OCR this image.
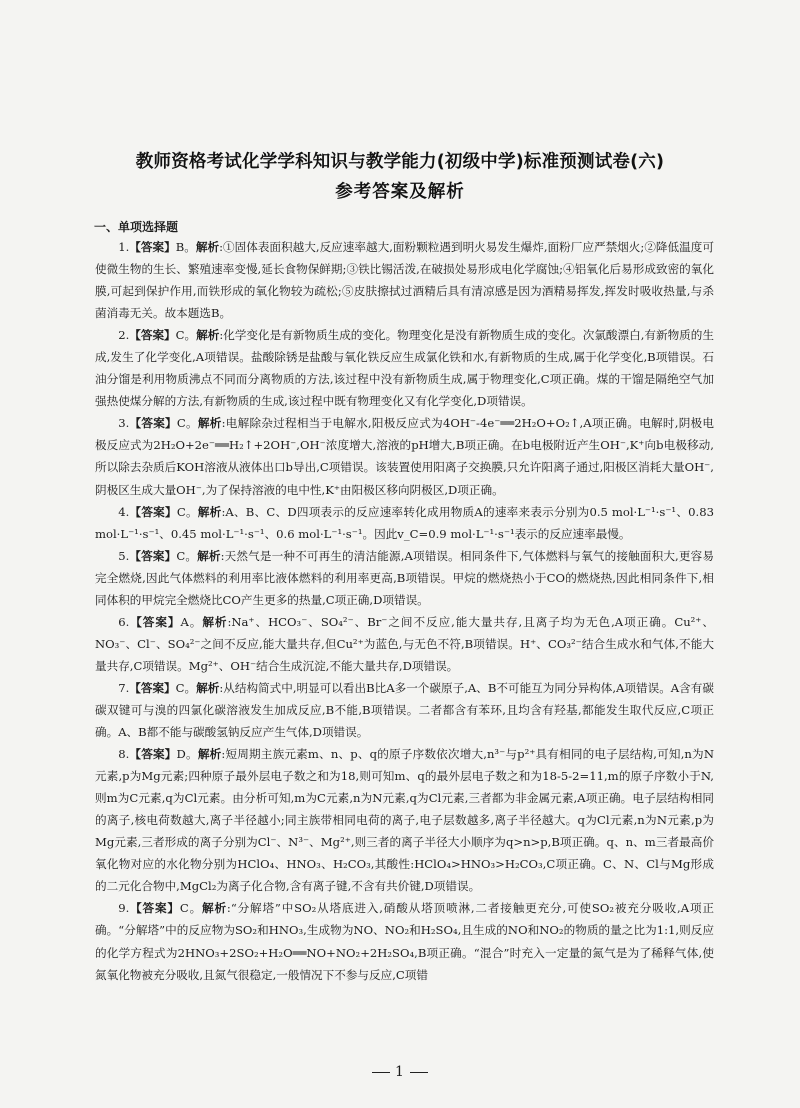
教师资格考试化学学科知识与教学能力(初级中学)标准预测试卷(六)
参考答案及解析
一、单项选择题

1.【答案】B。解析:①固体表面积越大,反应速率越大,面粉颗粒遇到明火易发生爆炸,面粉厂应严禁烟火;②降低温度可使微生物的生长、繁殖速率变慢,延长食物保鲜期;③铁比锡活泼,在破损处易形成电化学腐蚀;④铝氧化后易形成致密的氧化膜,可起到保护作用,而铁形成的氧化物较为疏松;⑤皮肤擦拭过酒精后具有清凉感是因为酒精易挥发,挥发时吸收热量,与杀菌消毒无关。故本题选B。

2.【答案】C。解析:化学变化是有新物质生成的变化。物理变化是没有新物质生成的变化。次氯酸漂白,有新物质的生成,发生了化学变化,A项错误。盐酸除锈是盐酸与氧化铁反应生成氯化铁和水,有新物质的生成,属于化学变化,B项错误。石油分馏是利用物质沸点不同而分离物质的方法,该过程中没有新物质生成,属于物理变化,C项正确。煤的干馏是隔绝空气加强热使煤分解的方法,有新物质的生成,该过程中既有物理变化又有化学变化,D项错误。

3.【答案】C。解析:电解除杂过程相当于电解水,阳极反应式为4OH⁻-4e⁻══2H₂O+O₂↑,A项正确。电解时,阴极电极反应式为2H₂O+2e⁻══H₂↑+2OH⁻,OH⁻浓度增大,溶液的pH增大,B项正确。在b电极附近产生OH⁻,K⁺向b电极移动,所以除去杂质后KOH溶液从液体出口b导出,C项错误。该装置使用阳离子交换膜,只允许阳离子通过,阳极区消耗大量OH⁻,阴极区生成大量OH⁻,为了保持溶液的电中性,K⁺由阳极区移向阴极区,D项正确。

4.【答案】C。解析:A、B、C、D四项表示的反应速率转化成用物质A的速率来表示分别为0.5 mol·L⁻¹·s⁻¹、0.83 mol·L⁻¹·s⁻¹、0.45 mol·L⁻¹·s⁻¹、0.6 mol·L⁻¹·s⁻¹。因此v_C=0.9 mol·L⁻¹·s⁻¹表示的反应速率最慢。

5.【答案】C。解析:天然气是一种不可再生的清洁能源,A项错误。相同条件下,气体燃料与氧气的接触面积大,更容易完全燃烧,因此气体燃料的利用率比液体燃料的利用率更高,B项错误。甲烷的燃烧热小于CO的燃烧热,因此相同条件下,相同体积的甲烷完全燃烧比CO产生更多的热量,C项正确,D项错误。

6.【答案】A。解析:Na⁺、HCO₃⁻、SO₄²⁻、Br⁻之间不反应,能大量共存,且离子均为无色,A项正确。Cu²⁺、NO₃⁻、Cl⁻、SO₄²⁻之间不反应,能大量共存,但Cu²⁺为蓝色,与无色不符,B项错误。H⁺、CO₃²⁻结合生成水和气体,不能大量共存,C项错误。Mg²⁺、OH⁻结合生成沉淀,不能大量共存,D项错误。

7.【答案】C。解析:从结构简式中,明显可以看出B比A多一个碳原子,A、B不可能互为同分异构体,A项错误。A含有碳碳双键可与溴的四氯化碳溶液发生加成反应,B不能,B项错误。二者都含有苯环,且均含有羟基,都能发生取代反应,C项正确。A、B都不能与碳酸氢钠反应产生气体,D项错误。

8.【答案】D。解析:短周期主族元素m、n、p、q的原子序数依次增大,n³⁻与p²⁺具有相同的电子层结构,可知,n为N元素,p为Mg元素;四种原子最外层电子数之和为18,则可知m、q的最外层电子数之和为18-5-2=11,m的原子序数小于N,则m为C元素,q为Cl元素。由分析可知,m为C元素,n为N元素,q为Cl元素,三者都为非金属元素,A项正确。电子层结构相同的离子,核电荷数越大,离子半径越小;同主族带相同电荷的离子,电子层数越多,离子半径越大。q为Cl元素,n为N元素,p为Mg元素,三者形成的离子分别为Cl⁻、N³⁻、Mg²⁺,则三者的离子半径大小顺序为q>n>p,B项正确。q、n、m三者最高价氧化物对应的水化物分别为HClO₄、HNO₃、H₂CO₃,其酸性:HClO₄>HNO₃>H₂CO₃,C项正确。C、N、Cl与Mg形成的二元化合物中,MgCl₂为离子化合物,含有离子键,不含有共价键,D项错误。

9.【答案】C。解析:“分解塔”中SO₂从塔底进入,硝酸从塔顶喷淋,二者接触更充分,可使SO₂被充分吸收,A项正确。“分解塔”中的反应物为SO₂和HNO₃,生成物为NO、NO₂和H₂SO₄,且生成的NO和NO₂的物质的量之比为1:1,则反应的化学方程式为2HNO₃+2SO₂+H₂O══NO+NO₂+2H₂SO₄,B项正确。“混合”时充入一定量的氮气是为了稀释气体,使氮氧化物被充分吸收,且氮气很稳定,一般情况下不参与反应,C项错

1
